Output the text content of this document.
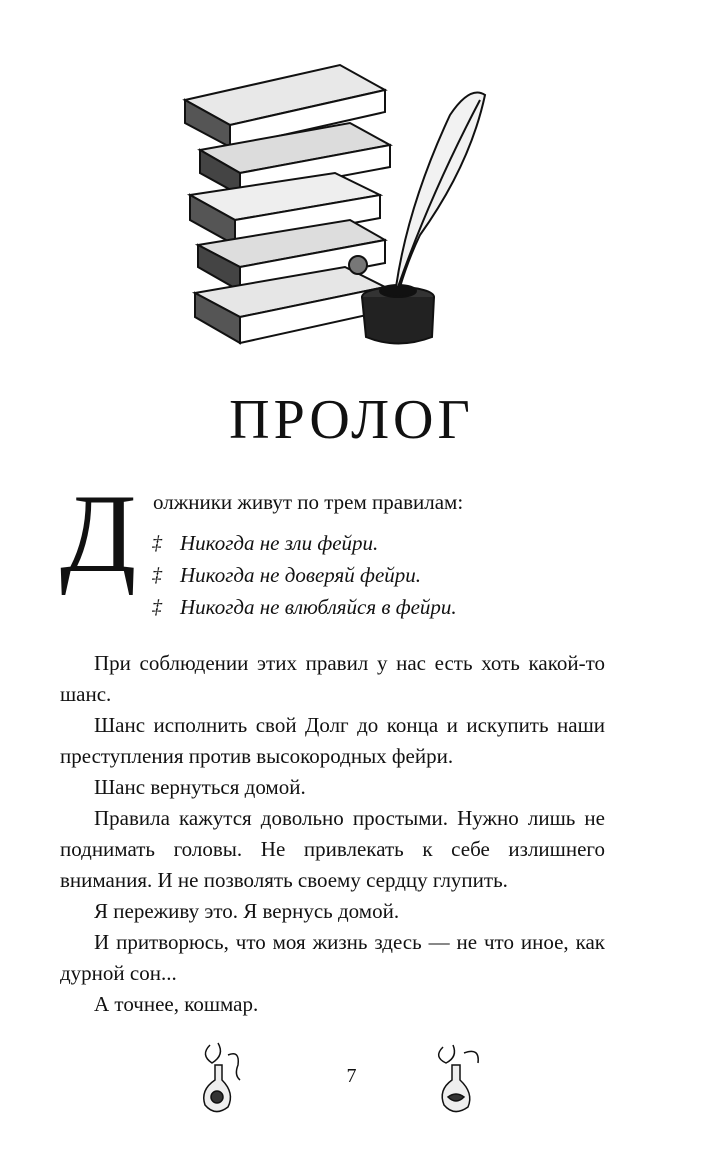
ПРОЛОГ
Д олжники живут по трем правилам:
‡ Никогда не зли фейри.
‡ Никогда не доверяй фейри.
‡ Никогда не влюбляйся в фейри.

При соблюдении этих правил у нас есть хоть какой-то шанс.

Шанс исполнить свой Долг до конца и искупить наши преступления против высокородных фейри.

Шанс вернуться домой.

Правила кажутся довольно простыми. Нужно лишь не поднимать головы. Не привлекать к себе излишнего внимания. И не позволять своему сердцу глупить.

Я переживу это. Я вернусь домой.

И притворюсь, что моя жизнь здесь — не что иное, как дурной сон...

А точнее, кошмар.

7
